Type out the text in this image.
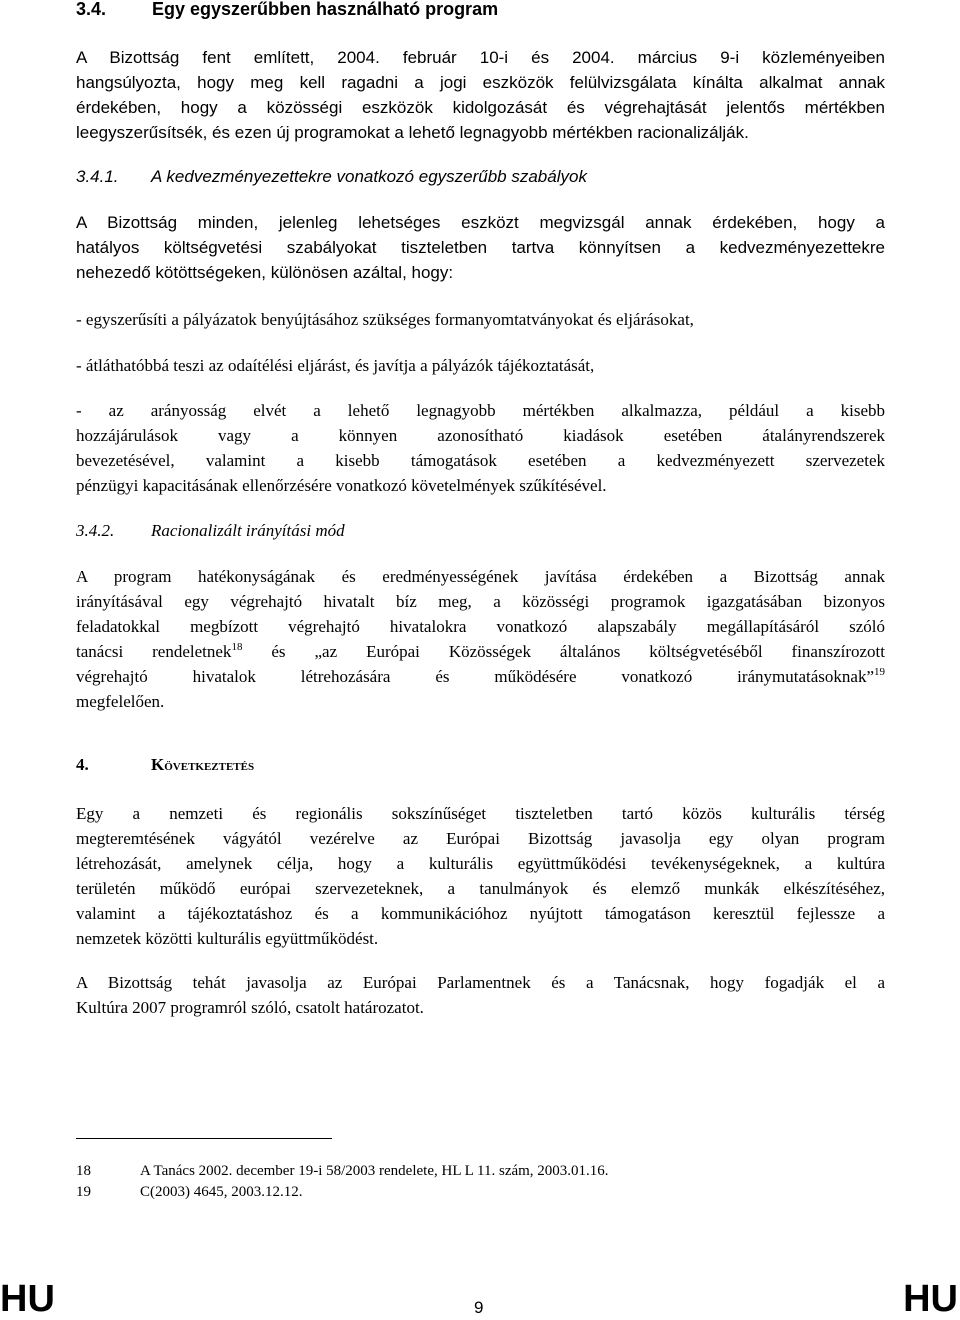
3.4.	Egy egyszerűbben használható program
A Bizottság fent említett, 2004. február 10-i és 2004. március 9-i közleményeiben
hangsúlyozta, hogy meg kell ragadni a jogi eszközök felülvizsgálata kínálta alkalmat annak
érdekében, hogy a közösségi eszközök kidolgozását és végrehajtását jelentős mértékben
leegyszerűsítsék, és ezen új programokat a lehető legnagyobb mértékben racionalizálják.
3.4.1. A kedvezményezettekre vonatkozó egyszerűbb szabályok
A Bizottság minden, jelenleg lehetséges eszközt megvizsgál annak érdekében, hogy a
hatályos költségvetési szabályokat tiszteletben tartva könnyítsen a kedvezményezettekre
nehezedő kötöttségeken, különösen azáltal, hogy:
- egyszerűsíti a pályázatok benyújtásához szükséges formanyomtatványokat és eljárásokat,
- átláthatóbbá teszi az odaítélési eljárást, és javítja a pályázók tájékoztatását,
- az arányosság elvét a lehető legnagyobb mértékben alkalmazza, például a kisebb
hozzájárulások vagy a könnyen azonosítható kiadások esetében átalányrendszerek
bevezetésével, valamint a kisebb támogatások esetében a kedvezményezett szervezetek
pénzügyi kapacitásának ellenőrzésére vonatkozó követelmények szűkítésével.
3.4.2. Racionalizált irányítási mód
A program hatékonyságának és eredményességének javítása érdekében a Bizottság annak
irányításával egy végrehajtó hivatalt bíz meg, a közösségi programok igazgatásában bizonyos
feladatokkal megbízott végrehajtó hivatalokra vonatkozó alapszabály megállapításáról szóló
tanácsi rendeletnek$^{18}$ és „az Európai Közösségek általános költségvetéséből finanszírozott
végrehajtó hivatalok létrehozására és működésére vonatkozó iránymutatásoknak”$^{19}$
megfelelően.
4.	Következtetés
Egy a nemzeti és regionális sokszínűséget tiszteletben tartó közös kulturális térség
megteremtésének vágyától vezérelve az Európai Bizottság javasolja egy olyan program
létrehozását, amelynek célja, hogy a kulturális együttműködési tevékenységeknek, a kultúra
területén működő európai szervezeteknek, a tanulmányok és elemző munkák elkészítéséhez,
valamint a tájékoztatáshoz és a kommunikációhoz nyújtott támogatáson keresztül fejlessze a
nemzetek közötti kulturális együttműködést.
A Bizottság tehát javasolja az Európai Parlamentnek és a Tanácsnak, hogy fogadják el a
Kultúra 2007 programról szóló, csatolt határozatot.
18	A Tanács 2002. december 19-i 58/2003 rendelete, HL L 11. szám, 2003.01.16.
19	C(2003) 4645, 2003.12.12.
HU	9	HU
